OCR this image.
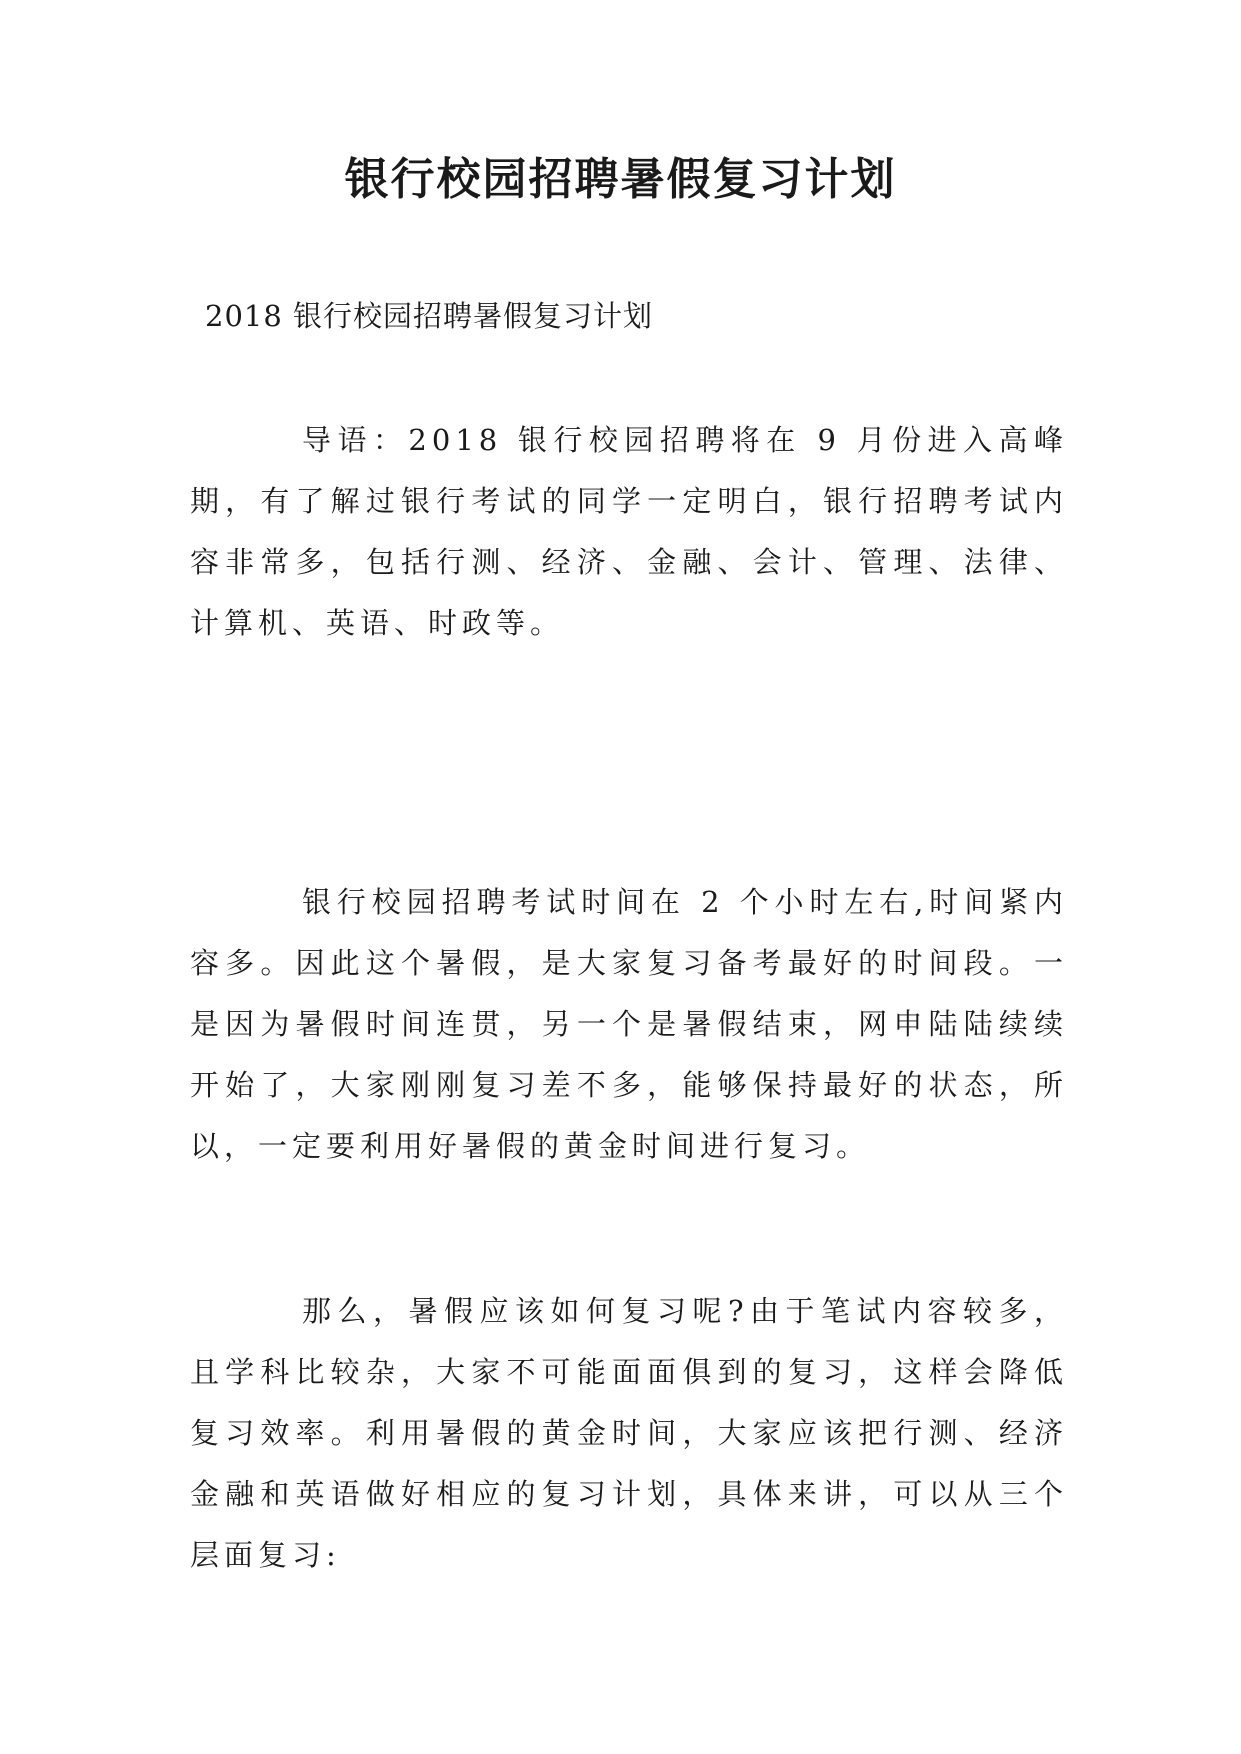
银行校园招聘暑假复习计划
2018 银行校园招聘暑假复习计划

导语：2018 银行校园招聘将在 9 月份进入高峰期，有了解过银行考试的同学一定明白，银行招聘考试内容非常多，包括行测、经济、金融、会计、管理、法律、计算机、英语、时政等。

银行校园招聘考试时间在 2 个小时左右,时间紧内容多。因此这个暑假，是大家复习备考最好的时间段。一是因为暑假时间连贯，另一个是暑假结束，网申陆陆续续开始了，大家刚刚复习差不多，能够保持最好的状态，所以，一定要利用好暑假的黄金时间进行复习。

那么，暑假应该如何复习呢?由于笔试内容较多，且学科比较杂，大家不可能面面俱到的复习，这样会降低复习效率。利用暑假的黄金时间，大家应该把行测、经济金融和英语做好相应的复习计划，具体来讲，可以从三个层面复习:
